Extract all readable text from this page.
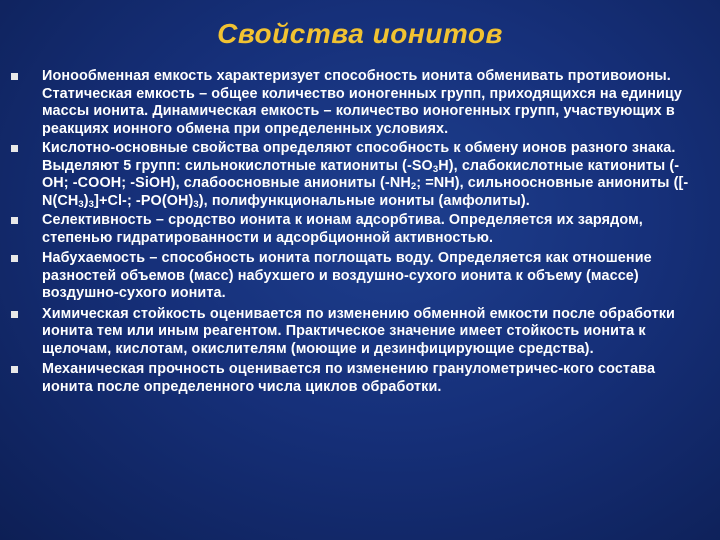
Свойства ионитов
Ионообменная емкость характеризует способность ионита обменивать противоионы. Статическая емкость – общее количество ионогенных групп, приходящихся на единицу массы ионита. Динамическая емкость – количество ионогенных групп, участвующих в реакциях ионного обмена при определенных условиях.
Кислотно-основные свойства определяют способность к обмену ионов разного знака. Выделяют 5 групп: сильнокислотные катиониты $(-SO_3H)$, слабокислотные катиониты (-OH; -COOH; -SiOH), слабоосновные аниониты ($-NH_2$; =NH), сильноосновные аниониты ($[-N(CH_3)_3]+Cl-$; $-PO(OH)_3$), полифункциональные иониты (амфолиты).
Селективность – сродство ионита к ионам адсорбтива. Определяется их зарядом, степенью гидратированности и адсорбционной активностью.
Набухаемость – способность ионита поглощать воду. Определяется как отношение разностей объемов (масс) набухшего и воздушно-сухого ионита к объему (массе) воздушно-сухого ионита.
Химическая стойкость оценивается по изменению обменной емкости после обработки ионита тем или иным реагентом. Практическое значение имеет стойкость ионита к щелочам, кислотам, окислителям (моющие и дезинфицирующие средства).
Механическая прочность оценивается по изменению гранулометричес-кого состава ионита после определенного числа циклов обработки.
